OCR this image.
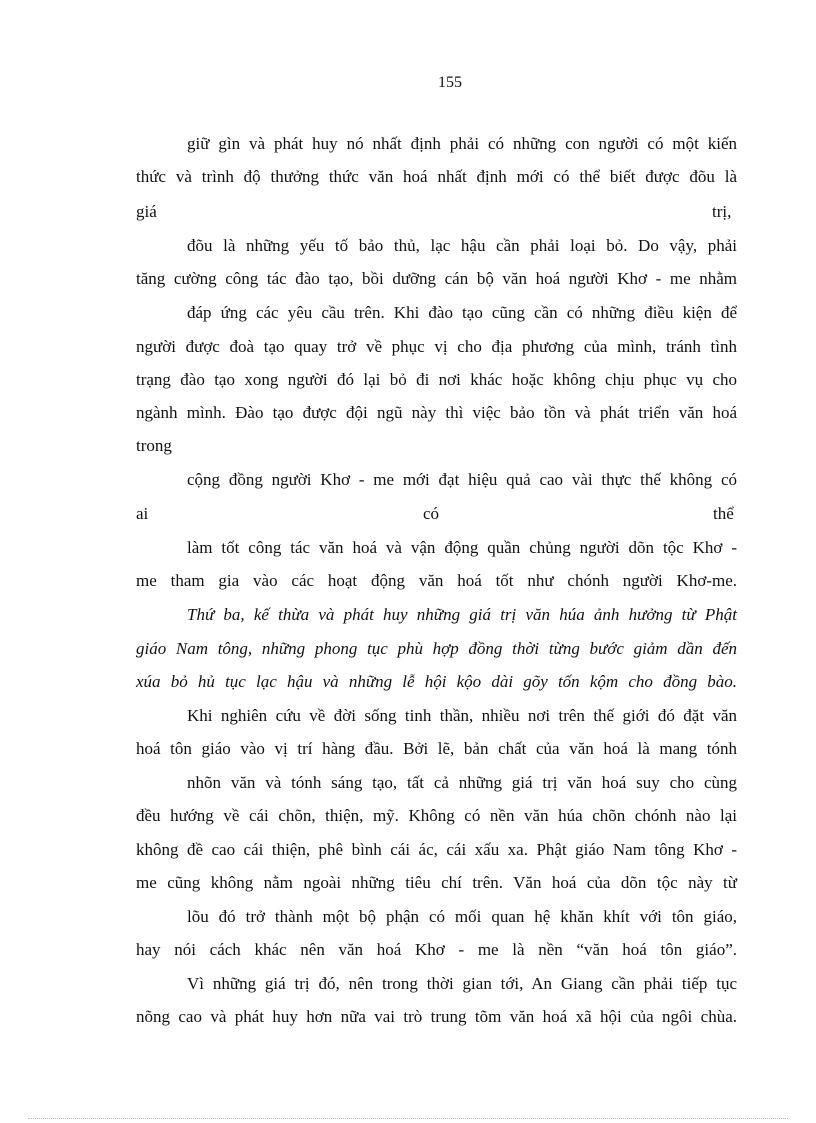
155
giữ gìn và phát huy nó nhất định phải có những con người có một kiến
thức và trình độ thưởng thức văn hoá nhất định mới có thể biết được đõu là
giá	trị,
đõu là những yếu tố bảo thủ, lạc hậu cần phải loại bỏ. Do vậy, phải
tăng cường công tác đào tạo, bồi dưỡng cán bộ văn hoá người Khơ - me nhằm
đáp ứng các yêu cầu trên. Khi đào tạo cũng cần có những điều kiện để
người được đoà tạo quay trở về phục vị cho địa phương của mình, tránh tình
trạng đào tạo xong người đó lại bỏ đi nơi khác hoặc không chịu phục vụ cho
ngành mình. Đào tạo được đội ngũ này thì việc bảo tồn và phát triển văn hoá
trong
cộng đồng người Khơ - me mới đạt hiệu quả cao vài thực thế không có
ai	có	thể
làm tốt công tác văn hoá và vận động quần chủng người dõn tộc Khơ -
me tham gia vào các hoạt động văn hoá tốt như chónh người Khơ-me.
Thứ ba, kế thừa và phát huy những giá trị văn húa ảnh hưởng từ Phật
giáo Nam tông, những phong tục phù hợp đồng thời từng bước giảm dần đến
xúa bỏ hủ tục lạc hậu và những lễ hội kộo dài gõy tốn kộm cho đồng bào.
Khi nghiên cứu về đời sống tinh thần, nhiều nơi trên thế giới đó đặt văn
hoá tôn giáo vào vị trí hàng đầu. Bởi lẽ, bản chất của văn hoá là mang tónh
nhõn văn và tónh sáng tạo, tất cả những giá trị văn hoá suy cho cùng
đều hướng về cái chõn, thiện, mỹ. Không có nền văn húa chõn chónh nào lại
không đề cao cái thiện, phê bình cái ác, cái xấu xa. Phật giáo Nam tông Khơ -
me cũng không nằm ngoài những tiêu chí trên. Văn hoá của dõn tộc này từ
lõu đó trở thành một bộ phận có mối quan hệ khăn khít với tôn giáo,
hay nói cách khác nên văn hoá Khơ - me là nền “văn hoá tôn giáo”.
Vì những giá trị đó, nên trong thời gian tới, An Giang cần phải tiếp tục
nõng cao và phát huy hơn nữa vai trò trung tõm văn hoá xã hội của ngôi chùa.
